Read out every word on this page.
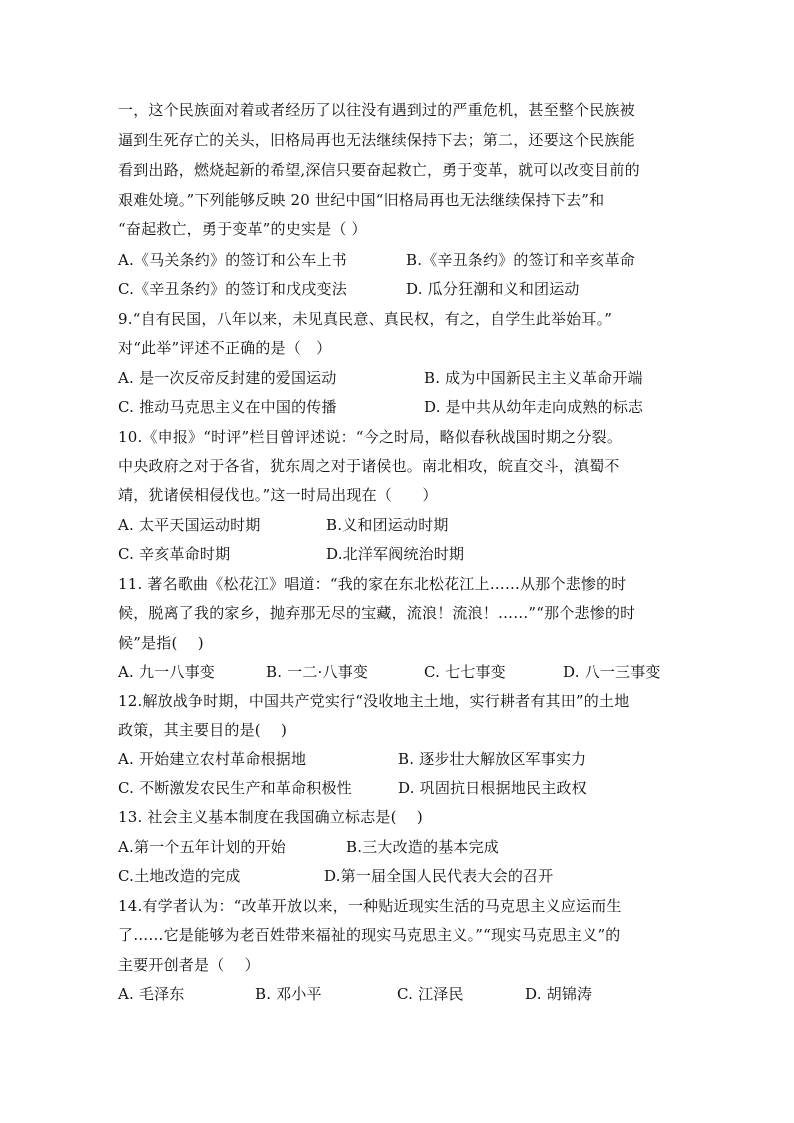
一，这个民族面对着或者经历了以往没有遇到过的严重危机，甚至整个民族被
逼到生死存亡的关头，旧格局再也无法继续保持下去；第二，还要这个民族能
看到出路，燃烧起新的希望,深信只要奋起救亡，勇于变革，就可以改变目前的
艰难处境。”下列能够反映 20 世纪中国“旧格局再也无法继续保持下去”和
“奋起救亡，勇于变革”的史实是（ ）
A.《马关条约》的签订和公车上书	B.《辛丑条约》的签订和辛亥革命
C.《辛丑条约》的签订和戊戌变法	D. 瓜分狂潮和义和团运动
9.“自有民国，八年以来，未见真民意、真民权，有之，自学生此举始耳。”
对“此举”评述不正确的是（　）
A. 是一次反帝反封建的爱国运动	B. 成为中国新民主主义革命开端
C. 推动马克思主义在中国的传播	D. 是中共从幼年走向成熟的标志
10.《申报》“时评”栏目曾评述说：“今之时局，略似春秋战国时期之分裂。
中央政府之对于各省，犹东周之对于诸侯也。南北相攻，皖直交斗，滇蜀不
靖，犹诸侯相侵伐也。”这一时局出现在（　　）
A. 太平天国运动时期	B.义和团运动时期
C. 辛亥革命时期	D.北洋军阀统治时期
11. 著名歌曲《松花江》唱道：“我的家在东北松花江上……从那个悲惨的时
候，脱离了我的家乡，抛弃那无尽的宝藏，流浪！流浪！……”“那个悲惨的时
候”是指(　 )
A. 九一八事变	B. 一二·八事变	C. 七七事变	D. 八一三事变
12.解放战争时期，中国共产党实行“没收地主土地，实行耕者有其田”的土地
政策，其主要目的是(　 )
A. 开始建立农村革命根据地	B. 逐步壮大解放区军事实力
C. 不断激发农民生产和革命积极性	D. 巩固抗日根据地民主政权
13. 社会主义基本制度在我国确立标志是(　 )
A.第一个五年计划的开始	B.三大改造的基本完成
C.土地改造的完成	D.第一届全国人民代表大会的召开
14.有学者认为：“改革开放以来，一种贴近现实生活的马克思主义应运而生
了……它是能够为老百姓带来福祉的现实马克思主义。”“现实马克思主义”的
主要开创者是（　 ）
A. 毛泽东	B. 邓小平	C. 江泽民	D. 胡锦涛
